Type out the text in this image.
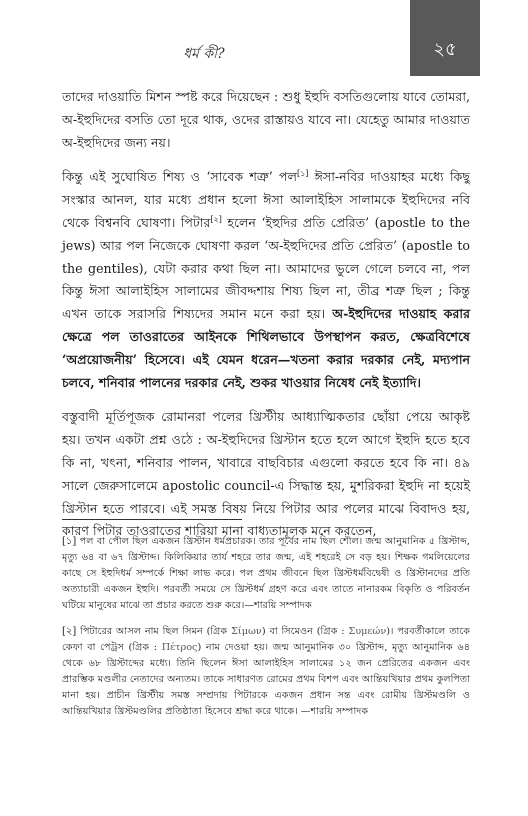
ধর্ম কী?	২৫

তাদের দাওয়াতি মিশন স্পষ্ট করে দিয়েছেন : শুধু ইহুদি বসতিগুলোয় যাবে তোমরা, অ-ইহুদিদের বসতি তো দূরে থাক, ওদের রাস্তায়ও যাবে না। যেহেতু আমার দাওয়াত অ-ইহুদিদের জন্য নয়।

কিন্তু এই সুঘোষিত শিষ্য ও ‘সাবেক শত্রু’ পল[১] ঈসা-নবির দাওয়াহর মধ্যে কিছু সংস্কার আনল, যার মধ্যে প্রধান হলো ঈসা আলাইহিস সালামকে ইহুদিদের নবি থেকে বিশ্বনবি ঘোষণা। পিটার[২] হলেন ‘ইহুদির প্রতি প্রেরিত’ (apostle to the jews) আর পল নিজেকে ঘোষণা করল ‘অ-ইহুদিদের প্রতি প্রেরিত’ (apostle to the gentiles), যেটা করার কথা ছিল না। আমাদের ভুলে গেলে চলবে না, পল কিন্তু ঈসা আলাইহিস সালামের জীবদ্দশায় শিষ্য ছিল না, তীব্র শত্রু ছিল ; কিন্তু এখন তাকে সরাসরি শিষ্যদের সমান মনে করা হয়। অ-ইহুদিদের দাওয়াহ করার ক্ষেত্রে পল তাওরাতের আইনকে শিথিলভাবে উপস্থাপন করত, ক্ষেত্রবিশেষে ‘অপ্রয়োজনীয়’ হিসেবে। এই যেমন ধরেন—খতনা করার দরকার নেই, মদ্যপান চলবে, শনিবার পালনের দরকার নেই, শুকর খাওয়ার নিষেধ নেই ইত্যাদি।

বস্তুবাদী মূর্তিপূজক রোমানরা পলের খ্রিস্টীয় আধ্যাত্মিকতার ছোঁয়া পেয়ে আকৃষ্ট হয়। তখন একটা প্রশ্ন ওঠে : অ-ইহুদিদের খ্রিস্টান হতে হলে আগে ইহুদি হতে হবে কি না, খৎনা, শনিবার পালন, খাবারে বাছবিচার এগুলো করতে হবে কি না। ৪৯ সালে জেরুসালেমে apostolic council-এ সিদ্ধান্ত হয়, মুশরিকরা ইহুদি না হয়েই খ্রিস্টান হতে পারবে। এই সমস্ত বিষয় নিয়ে পিটার আর পলের মাঝে বিবাদও হয়, কারণ পিটার তাওরাতের শারিয়া মানা বাধ্যতামূলক মনে করতেন,

[১] পল বা পৌল ছিল একজন খ্রিস্টান ধর্মপ্রচারক। তার পূর্বের নাম ছিল শৌল। জন্ম আনুমানিক ৫ খ্রিস্টাব্দ, মৃত্যু ৬৪ বা ৬৭ খ্রিস্টাব্দ। কিলিকিয়ার তার্য শহরে তার জন্ম, এই শহরেই সে বড় হয়। শিক্ষক গমলিয়েলের কাছে সে ইহুদিধর্ম সম্পর্কে শিক্ষা লাভ করে। পল প্রথম জীবনে ছিল খ্রিস্টধর্মবিদ্বেষী ও খ্রিস্টানদের প্রতি অত্যাচারী একজন ইহুদি। পরবর্তী সময়ে সে খ্রিস্টধর্ম গ্রহণ করে এবং তাতে নানারকম বিকৃতি ও পরিবর্তন ঘটিয়ে মানুষের মাঝে তা প্রচার করতে শুরু করে।—শারয়ি সম্পাদক

[২] পিটারের আসল নাম ছিল সিমন (গ্রিক Σίμων) বা সিমেওন (গ্রিক : Συμεών)। পরবর্তীকালে তাকে কেফা বা পেট্রস (গ্রিক : Πέτρος) নাম দেওয়া হয়। জন্ম আনুমানিক ৩০ খ্রিস্টাব্দ, মৃত্যু আনুমানিক ৬৪ থেকে ৬৮ খ্রিস্টাব্দের মধ্যে। তিনি ছিলেন ঈসা আলাইহিস সালামের ১২ জন প্রেরিতের একজন এবং প্রারম্ভিক মণ্ডলীর নেতাদের অন্যতম। তাকে সাধারণত রোমের প্রথম বিশপ এবং আন্তিয়খিয়ার প্রথম কুলপিতা মানা হয়। প্রাচীন খ্রিস্টীয় সমস্ত সম্প্রদায় পিটারকে একজন প্রধান সন্ত এবং রোমীয় খ্রিস্টমণ্ডলি ও আন্তিয়খিয়ার খ্রিস্টমণ্ডলির প্রতিষ্ঠাতা হিসেবে শ্রদ্ধা করে থাকে। —শারয়ি সম্পাদক
